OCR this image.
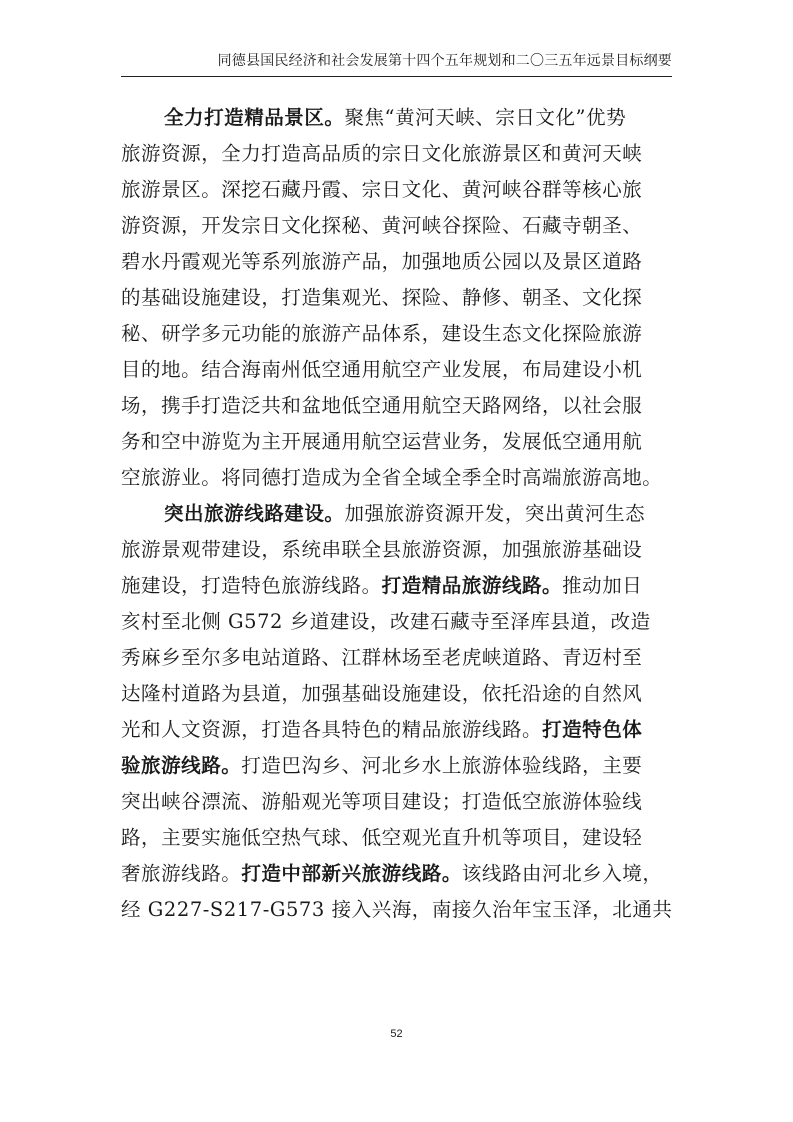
同德县国民经济和社会发展第十四个五年规划和二〇三五年远景目标纲要
全力打造精品景区。聚焦“黄河天峡、宗日文化”优势
旅游资源，全力打造高品质的宗日文化旅游景区和黄河天峡
旅游景区。深挖石藏丹霞、宗日文化、黄河峡谷群等核心旅
游资源，开发宗日文化探秘、黄河峡谷探险、石藏寺朝圣、
碧水丹霞观光等系列旅游产品，加强地质公园以及景区道路
的基础设施建设，打造集观光、探险、静修、朝圣、文化探
秘、研学多元功能的旅游产品体系，建设生态文化探险旅游
目的地。结合海南州低空通用航空产业发展，布局建设小机
场，携手打造泛共和盆地低空通用航空天路网络，以社会服
务和空中游览为主开展通用航空运营业务，发展低空通用航
空旅游业。将同德打造成为全省全域全季全时高端旅游高地。
突出旅游线路建设。加强旅游资源开发，突出黄河生态
旅游景观带建设，系统串联全县旅游资源，加强旅游基础设
施建设，打造特色旅游线路。打造精品旅游线路。推动加日
亥村至北侧 G572 乡道建设，改建石藏寺至泽库县道，改造
秀麻乡至尔多电站道路、江群林场至老虎峡道路、青迈村至
达隆村道路为县道，加强基础设施建设，依托沿途的自然风
光和人文资源，打造各具特色的精品旅游线路。打造特色体
验旅游线路。打造巴沟乡、河北乡水上旅游体验线路，主要
突出峡谷漂流、游船观光等项目建设；打造低空旅游体验线
路，主要实施低空热气球、低空观光直升机等项目，建设轻
奢旅游线路。打造中部新兴旅游线路。该线路由河北乡入境，
经 G227-S217-G573 接入兴海，南接久治年宝玉泽，北通共
52
